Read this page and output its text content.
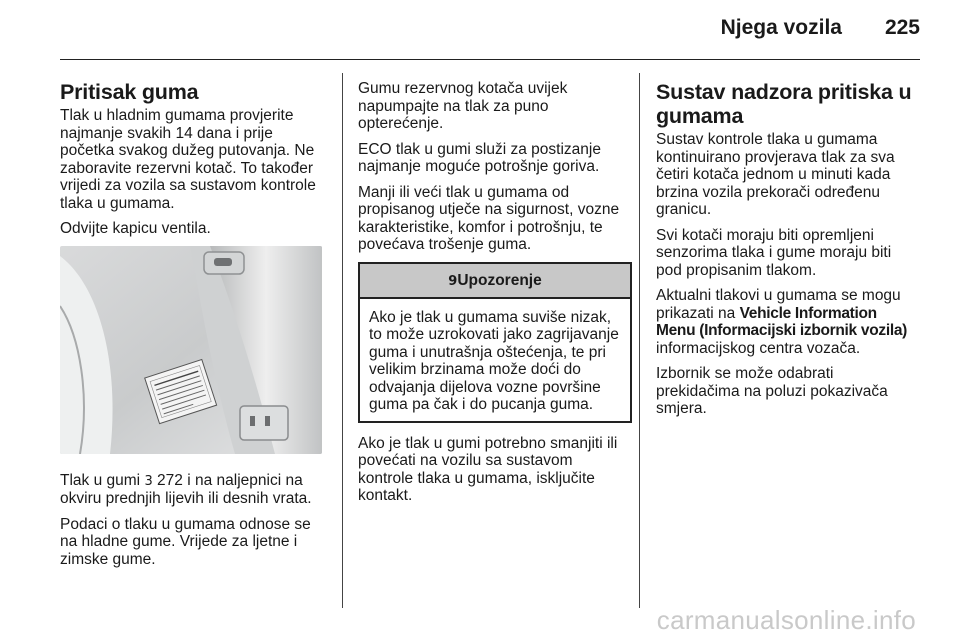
Njega vozila 225
Pritisak guma

Tlak u hladnim gumama provjerite najmanje svakih 14 dana i prije početka svakog dužeg putovanja. Ne zaboravite rezervni kotač. To također vrijedi za vozila sa sustavom kontrole tlaka u gumama.

Odvijte kapicu ventila.

Tlak u gumi 3 272 i na naljepnici na okviru prednjih lijevih ili desnih vrata.

Podaci o tlaku u gumama odnose se na hladne gume. Vrijede za ljetne i zimske gume.

Gumu rezervnog kotača uvijek napumpajte na tlak za puno opterećenje.

ECO tlak u gumi služi za postizanje najmanje moguće potrošnje goriva.

Manji ili veći tlak u gumama od propisanog utječe na sigurnost, vozne karakteristike, komfor i potrošnju, te povećava trošenje guma.

9Upozorenje
Ako je tlak u gumama suviše nizak, to može uzrokovati jako zagrijavanje guma i unutrašnja oštećenja, te pri velikim brzinama može doći do odvajanja dijelova vozne površine guma pa čak i do pucanja guma.

Ako je tlak u gumi potrebno smanjiti ili povećati na vozilu sa sustavom kontrole tlaka u gumama, isključite kontakt.

Sustav nadzora pritiska u gumama

Sustav kontrole tlaka u gumama kontinuirano provjerava tlak za sva četiri kotača jednom u minuti kada brzina vozila prekorači određenu granicu.

Svi kotači moraju biti opremljeni senzorima tlaka i gume moraju biti pod propisanim tlakom.

Aktualni tlakovi u gumama se mogu prikazati na Vehicle Information Menu (Informacijski izbornik vozila) informacijskog centra vozača.

Izbornik se može odabrati prekidačima na poluzi pokazivača smjera.

carmanualsonline.info
